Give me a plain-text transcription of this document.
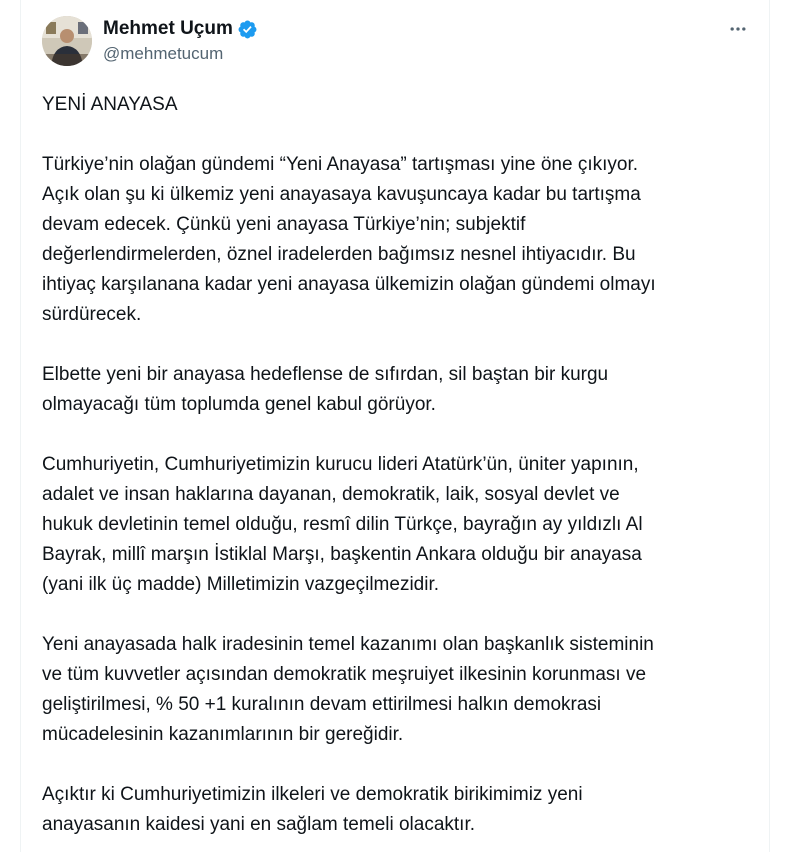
Mehmet Uçum
@mehmetucum

YENİ ANAYASA

Türkiye’nin olağan gündemi “Yeni Anayasa” tartışması yine öne çıkıyor.
Açık olan şu ki ülkemiz yeni anayasaya kavuşuncaya kadar bu tartışma
devam edecek. Çünkü yeni anayasa Türkiye’nin; subjektif
değerlendirmelerden, öznel iradelerden bağımsız nesnel ihtiyacıdır. Bu
ihtiyaç karşılanana kadar yeni anayasa ülkemizin olağan gündemi olmayı
sürdürecek.

Elbette yeni bir anayasa hedeflense de sıfırdan, sil baştan bir kurgu
olmayacağı tüm toplumda genel kabul görüyor.

Cumhuriyetin, Cumhuriyetimizin kurucu lideri Atatürk’ün, üniter yapının,
adalet ve insan haklarına dayanan, demokratik, laik, sosyal devlet ve
hukuk devletinin temel olduğu, resmî dilin Türkçe, bayrağın ay yıldızlı Al
Bayrak, millî marşın İstiklal Marşı, başkentin Ankara olduğu bir anayasa
(yani ilk üç madde) Milletimizin vazgeçilmezidir.

Yeni anayasada halk iradesinin temel kazanımı olan başkanlık sisteminin
ve tüm kuvvetler açısından demokratik meşruiyet ilkesinin korunması ve
geliştirilmesi, % 50 +1 kuralının devam ettirilmesi halkın demokrasi
mücadelesinin kazanımlarının bir gereğidir.

Açıktır ki Cumhuriyetimizin ilkeleri ve demokratik birikimimiz yeni
anayasanın kaidesi yani en sağlam temeli olacaktır.
